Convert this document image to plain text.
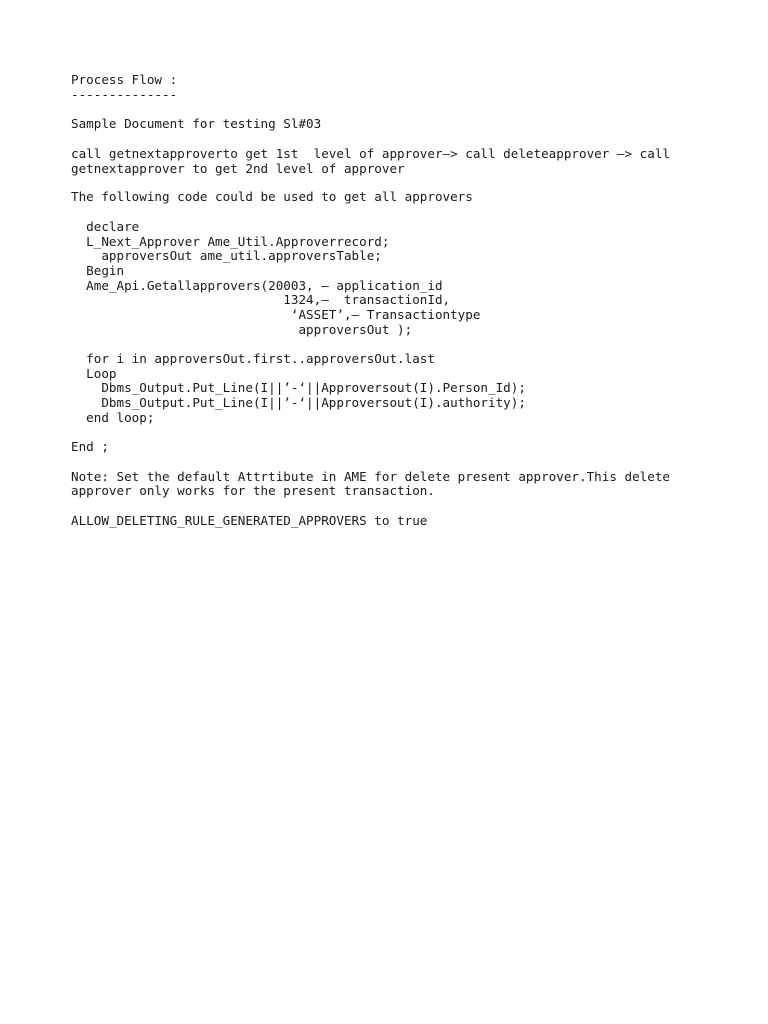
Process Flow :

--------------

Sample Document for testing Sl#03

call getnextapproverto get 1st  level of approver–> call deleteapprover —> call

getnextapprover to get 2nd level of approver

The following code could be used to get all approvers

declare

L_Next_Approver Ame_Util.Approverrecord;

approversOut ame_util.approversTable;

Begin

Ame_Api.Getallapprovers(20003, — application_id

1324,–  transactionId,

‘ASSET’,– Transactiontype

approversOut );

for i in approversOut.first..approversOut.last

Loop

Dbms_Output.Put_Line(I||’-‘||Approversout(I).Person_Id);

Dbms_Output.Put_Line(I||’-‘||Approversout(I).authority);

end loop;

End ;

Note: Set the default Attrtibute in AME for delete present approver.This delete

approver only works for the present transaction.

ALLOW_DELETING_RULE_GENERATED_APPROVERS to true
